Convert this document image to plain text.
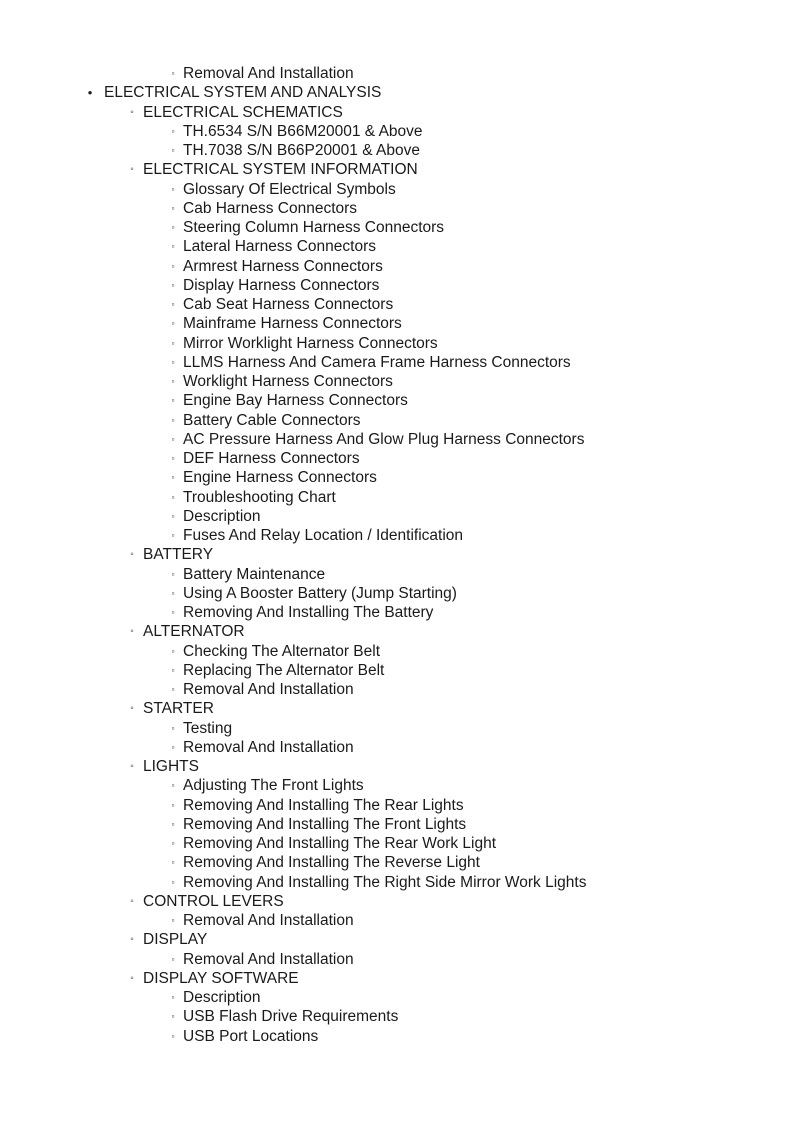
▫ Removal And Installation
• ELECTRICAL SYSTEM AND ANALYSIS
◦ ELECTRICAL SCHEMATICS
▫ TH.6534 S/N B66M20001 & Above
▫ TH.7038 S/N B66P20001 & Above
◦ ELECTRICAL SYSTEM INFORMATION
▫ Glossary Of Electrical Symbols
▫ Cab Harness Connectors
▫ Steering Column Harness Connectors
▫ Lateral Harness Connectors
▫ Armrest Harness Connectors
▫ Display Harness Connectors
▫ Cab Seat Harness Connectors
▫ Mainframe Harness Connectors
▫ Mirror Worklight Harness Connectors
▫ LLMS Harness And Camera Frame Harness Connectors
▫ Worklight Harness Connectors
▫ Engine Bay Harness Connectors
▫ Battery Cable Connectors
▫ AC Pressure Harness And Glow Plug Harness Connectors
▫ DEF Harness Connectors
▫ Engine Harness Connectors
▫ Troubleshooting Chart
▫ Description
▫ Fuses And Relay Location / Identification
◦ BATTERY
▫ Battery Maintenance
▫ Using A Booster Battery (Jump Starting)
▫ Removing And Installing The Battery
◦ ALTERNATOR
▫ Checking The Alternator Belt
▫ Replacing The Alternator Belt
▫ Removal And Installation
◦ STARTER
▫ Testing
▫ Removal And Installation
◦ LIGHTS
▫ Adjusting The Front Lights
▫ Removing And Installing The Rear Lights
▫ Removing And Installing The Front Lights
▫ Removing And Installing The Rear Work Light
▫ Removing And Installing The Reverse Light
▫ Removing And Installing The Right Side Mirror Work Lights
◦ CONTROL LEVERS
▫ Removal And Installation
◦ DISPLAY
▫ Removal And Installation
◦ DISPLAY SOFTWARE
▫ Description
▫ USB Flash Drive Requirements
▫ USB Port Locations
